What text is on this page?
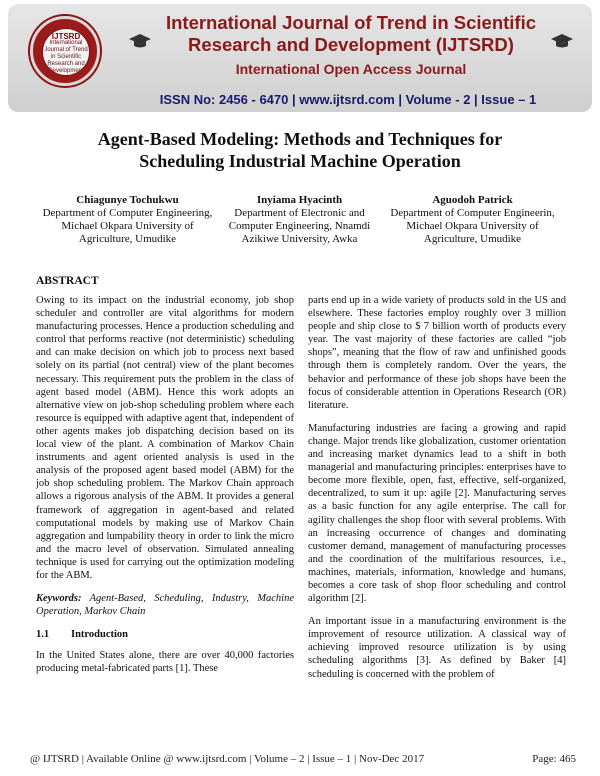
IJTSRD
International Journal of Trend in Scientific Research and Development
International Journal of Trend in Scientific
Research and Development (IJTSRD)
International Open Access Journal
ISSN No: 2456 - 6470 | www.ijtsrd.com | Volume - 2 | Issue – 1
Agent-Based Modeling: Methods and Techniques for
Scheduling Industrial Machine Operation
Chiagunye Tochukwu
Department of Computer Engineering, Michael Okpara University of Agriculture, Umudike
Inyiama Hyacinth
Department of Electronic and Computer Engineering, Nnamdi Azikiwe University, Awka
Aguodoh Patrick
Department of Computer Engineerin, Michael Okpara University of Agriculture, Umudike
ABSTRACT

Owing to its impact on the industrial economy, job shop scheduler and controller are vital algorithms for modern manufacturing processes. Hence a production scheduling and control that performs reactive (not deterministic) scheduling and can make decision on which job to process next based solely on its partial (not central) view of the plant becomes necessary. This requirement puts the problem in the class of agent based model (ABM). Hence this work adopts an alternative view on job-shop scheduling problem where each resource is equipped with adaptive agent that, independent of other agents makes job dispatching decision based on its local view of the plant. A combination of Markov Chain instruments and agent oriented analysis is used in the analysis of the proposed agent based model (ABM) for the job shop scheduling problem. The Markov Chain approach allows a rigorous analysis of the ABM. It provides a general framework of aggregation in agent-based and related computational models by making use of Markov Chain aggregation and lumpability theory in order to link the micro and the macro level of observation. Simulated annealing technique is used for carrying out the optimization modeling for the ABM.

Keywords: Agent-Based, Scheduling, Industry, Machine Operation, Markov Chain

1.1 Introduction

In the United States alone, there are over 40,000 factories producing metal-fabricated parts [1]. These

parts end up in a wide variety of products sold in the US and elsewhere. These factories employ roughly over 3 million people and ship close to $ 7 billion worth of products every year. The vast majority of these factories are called “job shops”, meaning that the flow of raw and unfinished goods through them is completely random. Over the years, the behavior and performance of these job shops have been the focus of considerable attention in Operations Research (OR) literature.

Manufacturing industries are facing a growing and rapid change. Major trends like globalization, customer orientation and increasing market dynamics lead to a shift in both managerial and manufacturing principles: enterprises have to become more flexible, open, fast, effective, self-organized, decentralized, to sum it up: agile [2]. Manufacturing serves as a basic function for any agile enterprise. The call for agility challenges the shop floor with several problems. With an increasing occurrence of changes and dominating customer demand, management of manufacturing processes and the coordination of the multifarious resources, i.e., machines, materials, information, knowledge and humans, becomes a core task of shop floor scheduling and control algorithm [2].

An important issue in a manufacturing environment is the improvement of resource utilization. A classical way of achieving improved resource utilization is by using scheduling algorithms [3]. As defined by Baker [4] scheduling is concerned with the problem of

@ IJTSRD | Available Online @ www.ijtsrd.com | Volume – 2 | Issue – 1 | Nov-Dec 2017	Page: 465
